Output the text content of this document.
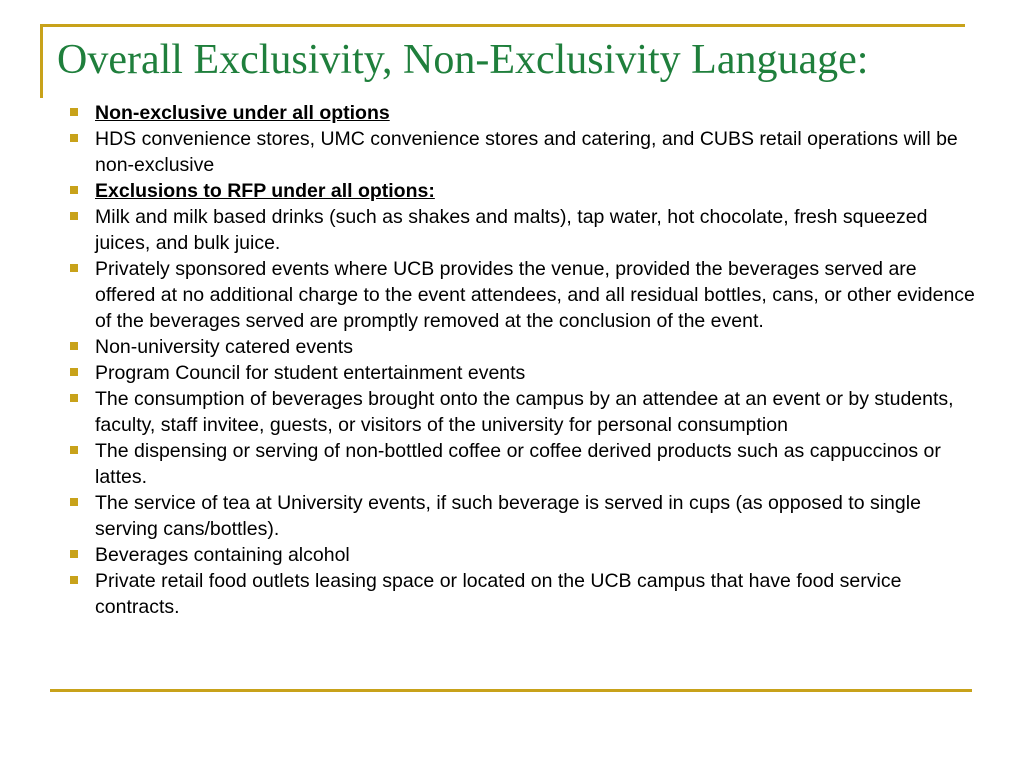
Overall Exclusivity, Non-Exclusivity Language:
Non-exclusive under all options
HDS convenience stores, UMC convenience stores and catering, and CUBS retail operations will be non-exclusive
Exclusions to RFP under all options:
Milk and milk based drinks (such as shakes and malts), tap water, hot chocolate, fresh squeezed juices, and bulk juice.
Privately sponsored events where UCB provides the venue, provided the beverages served are offered at no additional charge to the event attendees, and all residual bottles, cans, or other evidence of the beverages served are promptly removed at the conclusion of the event.
Non-university catered events
Program Council for student entertainment events
The consumption of beverages brought onto the campus by an attendee at an event or by students, faculty, staff invitee, guests, or visitors of the university for personal consumption
The dispensing or serving of non-bottled coffee or coffee derived products such as cappuccinos or lattes.
The service of tea at University events, if such beverage is served in cups (as opposed to single serving cans/bottles).
Beverages containing alcohol
Private retail food outlets leasing space or located on the UCB campus that have food service contracts.
